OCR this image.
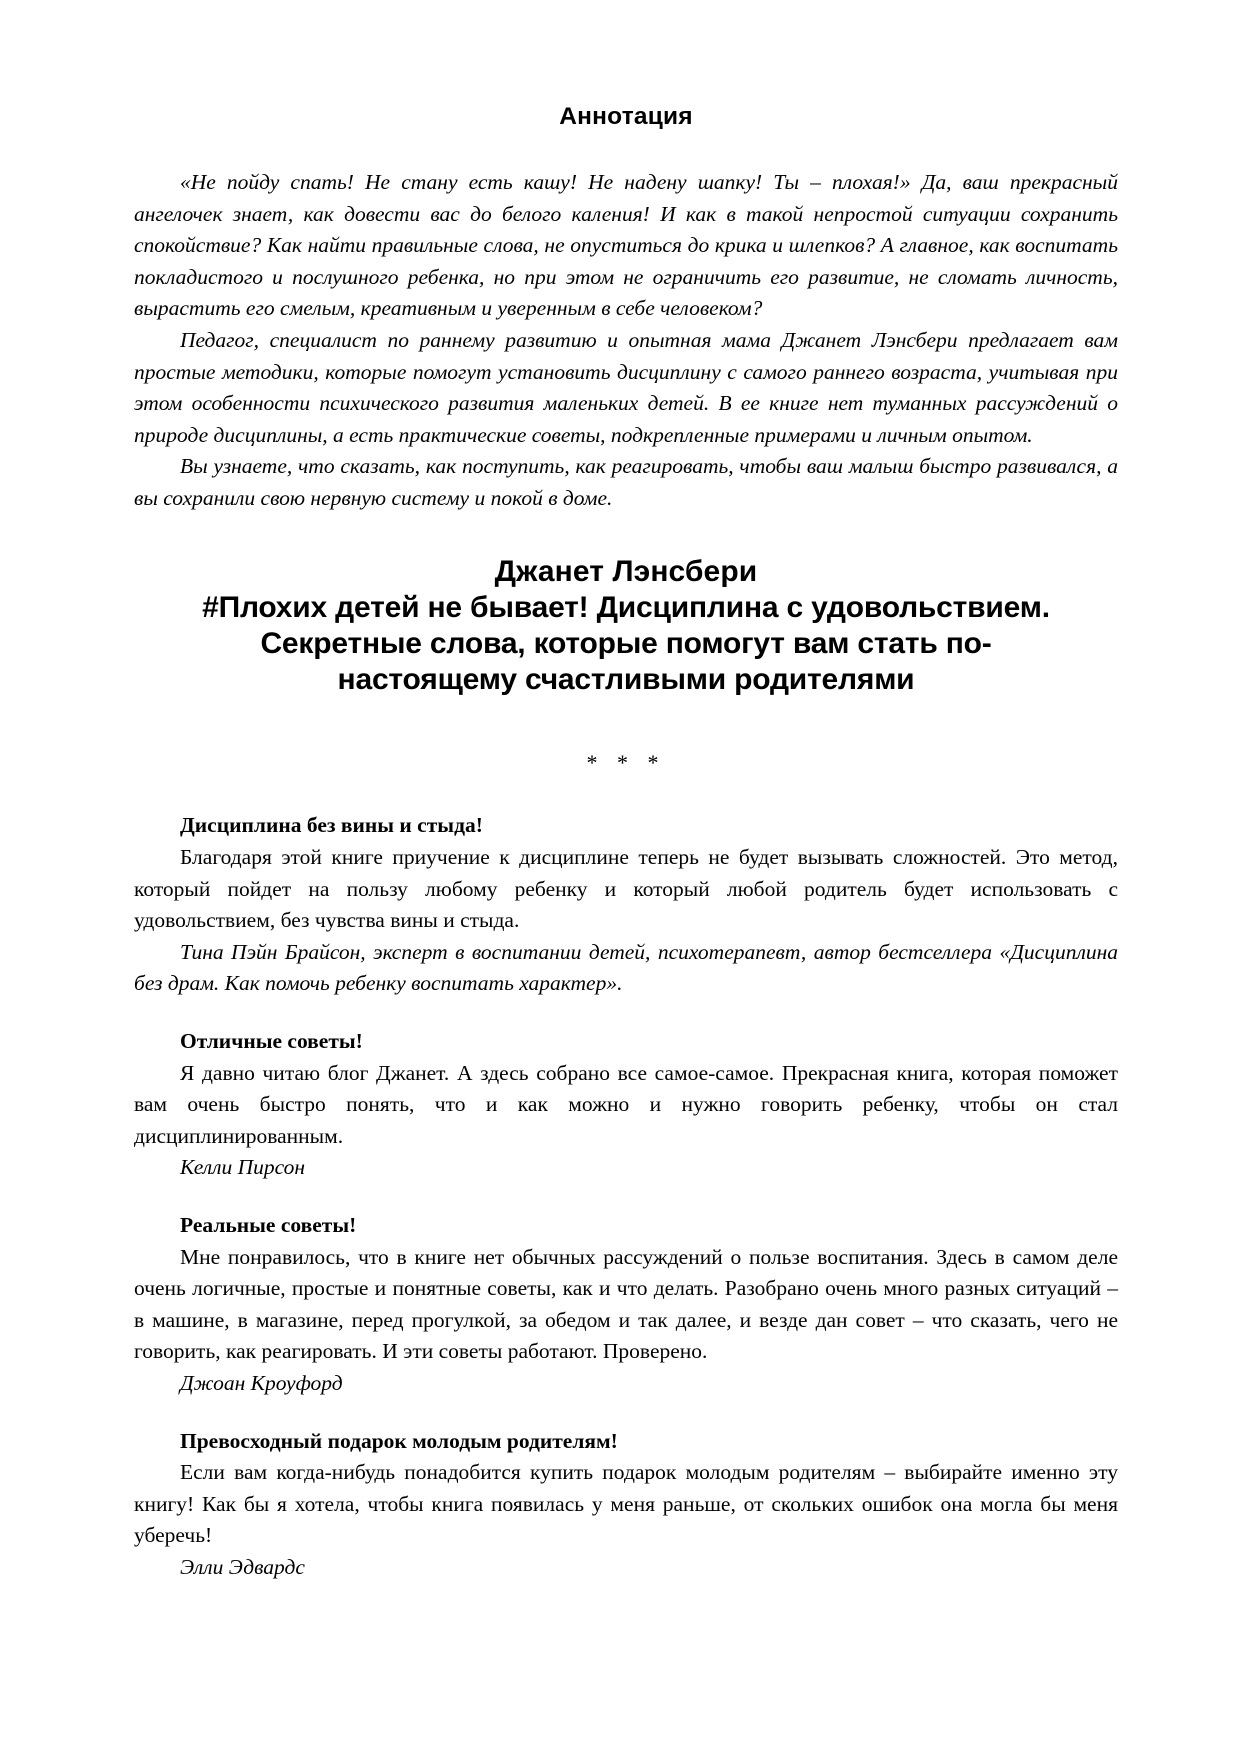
Аннотация

«Не пойду спать! Не стану есть кашу! Не надену шапку! Ты – плохая!» Да, ваш прекрасный ангелочек знает, как довести вас до белого каления! И как в такой непростой ситуации сохранить спокойствие? Как найти правильные слова, не опуститься до крика и шлепков? А главное, как воспитать покладистого и послушного ребенка, но при этом не ограничить его развитие, не сломать личность, вырастить его смелым, креативным и уверенным в себе человеком?

Педагог, специалист по раннему развитию и опытная мама Джанет Лэнсбери предлагает вам простые методики, которые помогут установить дисциплину с самого раннего возраста, учитывая при этом особенности психического развития маленьких детей. В ее книге нет туманных рассуждений о природе дисциплины, а есть практические советы, подкрепленные примерами и личным опытом.

Вы узнаете, что сказать, как поступить, как реагировать, чтобы ваш малыш быстро развивался, а вы сохранили свою нервную систему и покой в доме.

Джанет Лэнсбери
#Плохих детей не бывает! Дисциплина с удовольствием.
Секретные слова, которые помогут вам стать по-
настоящему счастливыми родителями
* * *

Дисциплина без вины и стыда!

Благодаря этой книге приучение к дисциплине теперь не будет вызывать сложностей. Это метод, который пойдет на пользу любому ребенку и который любой родитель будет использовать с удовольствием, без чувства вины и стыда.

Тина Пэйн Брайсон, эксперт в воспитании детей, психотерапевт, автор бестселлера «Дисциплина без драм. Как помочь ребенку воспитать характер».

Отличные советы!

Я давно читаю блог Джанет. А здесь собрано все самое-самое. Прекрасная книга, которая поможет вам очень быстро понять, что и как можно и нужно говорить ребенку, чтобы он стал дисциплинированным.

Келли Пирсон

Реальные советы!

Мне понравилось, что в книге нет обычных рассуждений о пользе воспитания. Здесь в самом деле очень логичные, простые и понятные советы, как и что делать. Разобрано очень много разных ситуаций – в машине, в магазине, перед прогулкой, за обедом и так далее, и везде дан совет – что сказать, чего не говорить, как реагировать. И эти советы работают. Проверено.

Джоан Кроуфорд

Превосходный подарок молодым родителям!

Если вам когда-нибудь понадобится купить подарок молодым родителям – выбирайте именно эту книгу! Как бы я хотела, чтобы книга появилась у меня раньше, от скольких ошибок она могла бы меня уберечь!

Элли Эдвардс
